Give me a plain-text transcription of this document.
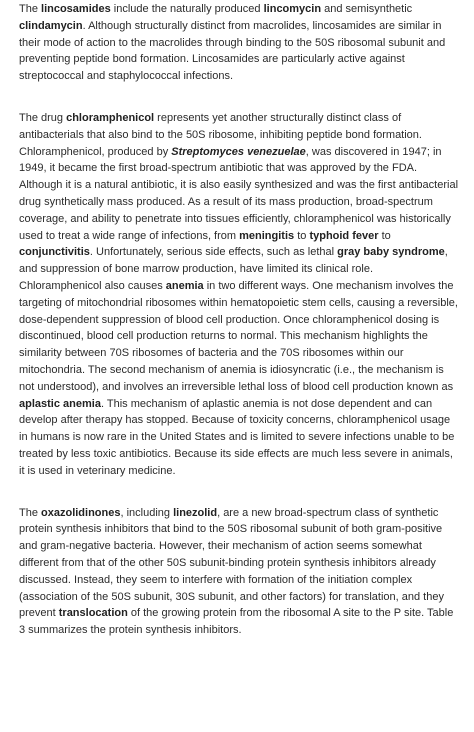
The lincosamides include the naturally produced lincomycin and semisynthetic clindamycin. Although structurally distinct from macrolides, lincosamides are similar in their mode of action to the macrolides through binding to the 50S ribosomal subunit and preventing peptide bond formation. Lincosamides are particularly active against streptococcal and staphylococcal infections.

The drug chloramphenicol represents yet another structurally distinct class of antibacterials that also bind to the 50S ribosome, inhibiting peptide bond formation. Chloramphenicol, produced by Streptomyces venezuelae, was discovered in 1947; in 1949, it became the first broad-spectrum antibiotic that was approved by the FDA. Although it is a natural antibiotic, it is also easily synthesized and was the first antibacterial drug synthetically mass produced. As a result of its mass production, broad-spectrum coverage, and ability to penetrate into tissues efficiently, chloramphenicol was historically used to treat a wide range of infections, from meningitis to typhoid fever to conjunctivitis. Unfortunately, serious side effects, such as lethal gray baby syndrome, and suppression of bone marrow production, have limited its clinical role. Chloramphenicol also causes anemia in two different ways. One mechanism involves the targeting of mitochondrial ribosomes within hematopoietic stem cells, causing a reversible, dose-dependent suppression of blood cell production. Once chloramphenicol dosing is discontinued, blood cell production returns to normal. This mechanism highlights the similarity between 70S ribosomes of bacteria and the 70S ribosomes within our mitochondria. The second mechanism of anemia is idiosyncratic (i.e., the mechanism is not understood), and involves an irreversible lethal loss of blood cell production known as aplastic anemia. This mechanism of aplastic anemia is not dose dependent and can develop after therapy has stopped. Because of toxicity concerns, chloramphenicol usage in humans is now rare in the United States and is limited to severe infections unable to be treated by less toxic antibiotics. Because its side effects are much less severe in animals, it is used in veterinary medicine.

The oxazolidinones, including linezolid, are a new broad-spectrum class of synthetic protein synthesis inhibitors that bind to the 50S ribosomal subunit of both gram-positive and gram-negative bacteria. However, their mechanism of action seems somewhat different from that of the other 50S subunit-binding protein synthesis inhibitors already discussed. Instead, they seem to interfere with formation of the initiation complex (association of the 50S subunit, 30S subunit, and other factors) for translation, and they prevent translocation of the growing protein from the ribosomal A site to the P site. Table 3 summarizes the protein synthesis inhibitors.
